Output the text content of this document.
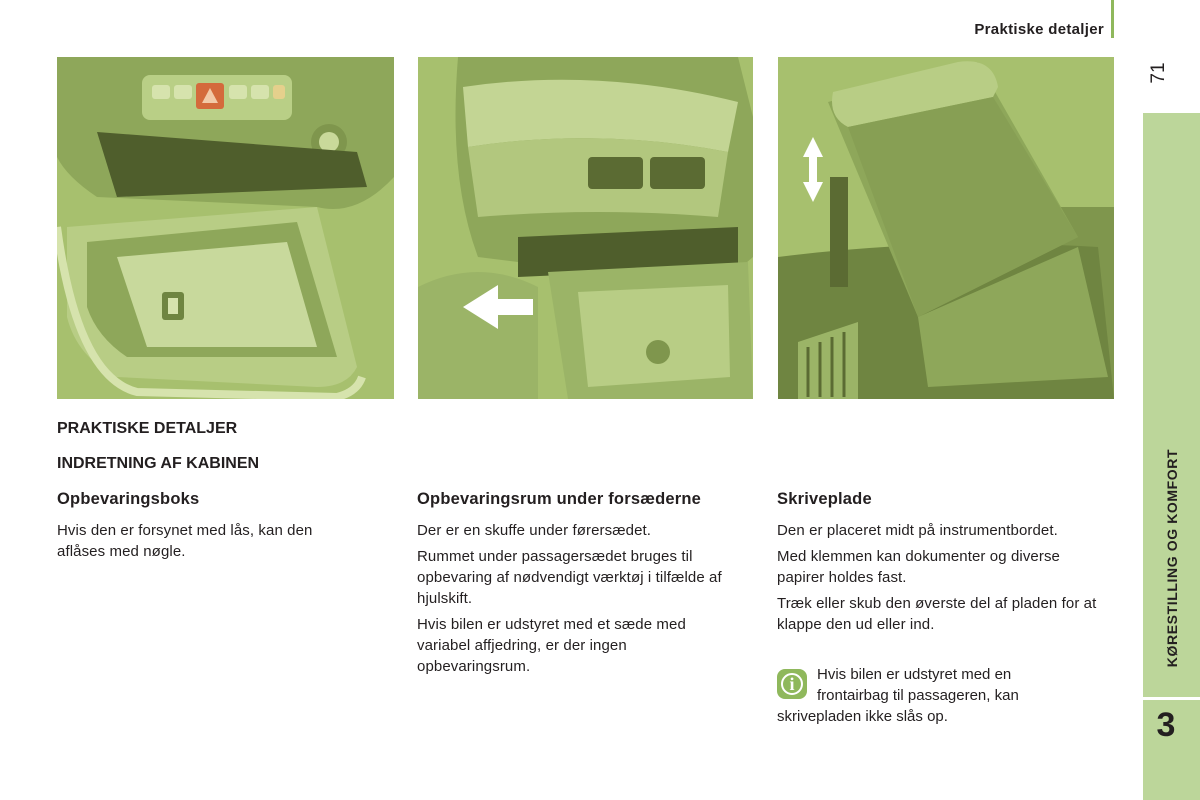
Praktiske detaljer
71
KØRESTILLING OG KOMFORT
3
PRAKTISKE DETALJER
INDRETNING AF KABINEN
Opbevaringsboks

Hvis den er forsynet med lås, kan den aflåses med nøgle.

Opbevaringsrum under forsæderne

Der er en skuffe under førersædet.

Rummet under passagersædet bruges til opbevaring af nødvendigt værktøj i tilfælde af hjulskift.

Hvis bilen er udstyret med et sæde med variabel affjedring, er der ingen opbevaringsrum.

Skriveplade

Den er placeret midt på instrumentbordet.

Med klemmen kan dokumenter og diverse papirer holdes fast.

Træk eller skub den øverste del af pladen for at klappe den ud eller ind.

i	Hvis bilen er udstyret med en

frontairbag til passageren, kan

skrivepladen ikke slås op.
